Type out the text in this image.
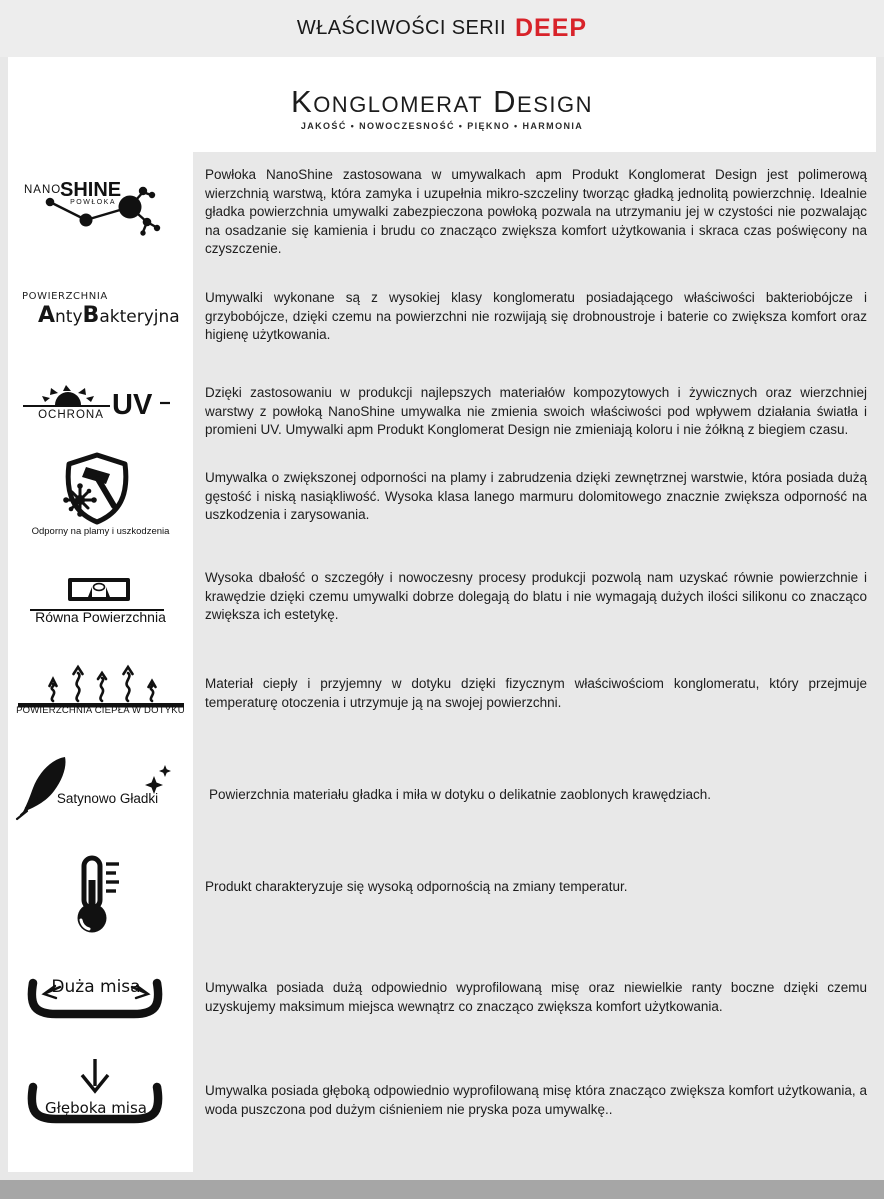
WŁAŚCIWOŚCI SERII DEEP
Konglomerat Design
JAKOŚĆ • NOWOCZESNOŚĆ • PIĘKNO • HARMONIA
NANO
SHINE
POWŁOKA
Powłoka NanoShine zastosowana w umywalkach apm Produkt Konglomerat Design jest polimerową wierzchnią warstwą, która zamyka i uzupełnia mikro-szczeliny tworząc gładką jednolitą powierzchnię. Idealnie gładka powierzchnia umywalki zabezpieczona powłoką pozwala na utrzymaniu jej w czystości nie pozwalając na osadzanie się kamienia i brudu co znacząco zwiększa komfort użytkowania i skraca czas poświęcony na czyszczenie.
POWIERZCHNIA
AntyBakteryjna
Umywalki wykonane są z wysokiej klasy konglomeratu posiadającego właściwości bakteriobójcze i grzybobójcze, dzięki czemu na powierzchni nie rozwijają się drobnoustroje i baterie co zwiększa komfort oraz higienę użytkowania.
OCHRONA UV	Dzięki zastosowaniu w produkcji najlepszych materiałów kompozytowych i żywicznych oraz wierzchniej warstwy z powłoką NanoShine umywalka nie zmienia swoich właściwości pod wpływem działania światła i promieni UV. Umywalki apm Produkt Konglomerat Design nie zmieniają koloru i nie żółkną z biegiem czasu.
Odporny na plamy i uszkodzenia
Umywalka o zwiększonej odporności na plamy i zabrudzenia dzięki zewnętrznej warstwie, która posiada dużą gęstość i niską nasiąkliwość. Wysoka klasa lanego marmuru dolomitowego znacznie zwiększa odporność na uszkodzenia i zarysowania.
Równa Powierzchnia
Wysoka dbałość o szczegóły i nowoczesny procesy produkcji pozwolą nam uzyskać równie powierzchnie i krawędzie dzięki czemu umywalki dobrze dolegają do blatu i nie wymagają dużych ilości silikonu co znacząco zwiększa ich estetykę.
POWIERZCHNIA CIEPŁA W DOTYKU
Materiał ciepły i przyjemny w dotyku dzięki fizycznym właściwościom konglomeratu, który przejmuje temperaturę otoczenia i utrzymuje ją na swojej powierzchni.
Satynowo Gładki	Powierzchnia materiału gładka i miła w dotyku o delikatnie zaoblonych krawędziach.
Produkt charakteryzuje się wysoką odpornością na zmiany temperatur.
Duża misa	Umywalka posiada dużą odpowiednio wyprofilowaną misę oraz niewielkie ranty boczne dzięki czemu uzyskujemy maksimum miejsca wewnątrz co znacząco zwiększa komfort użytkowania.
Głęboka misa
Umywalka posiada głęboką odpowiednio wyprofilowaną misę która znacząco zwiększa komfort użytkowania, a woda puszczona pod dużym ciśnieniem nie pryska poza umywalkę..
